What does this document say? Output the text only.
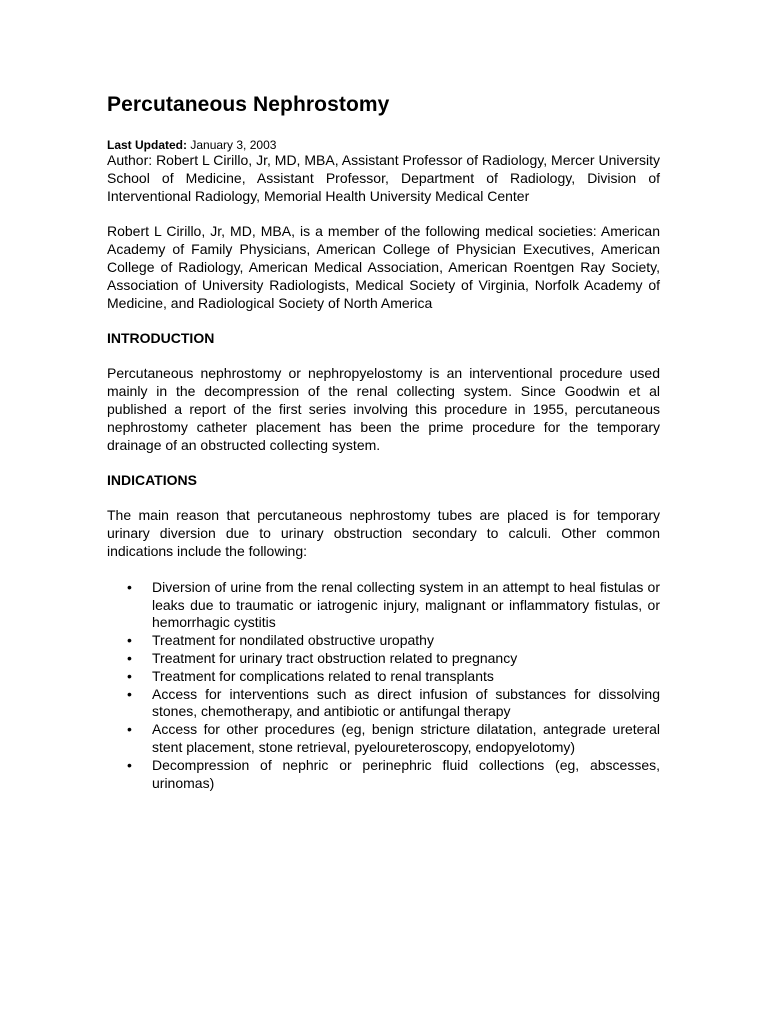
Percutaneous Nephrostomy
Last Updated: January 3, 2003

Author: Robert L Cirillo, Jr, MD, MBA, Assistant Professor of Radiology, Mercer University School of Medicine, Assistant Professor, Department of Radiology, Division of Interventional Radiology, Memorial Health University Medical Center

Robert L Cirillo, Jr, MD, MBA, is a member of the following medical societies: American Academy of Family Physicians, American College of Physician Executives, American College of Radiology, American Medical Association, American Roentgen Ray Society, Association of University Radiologists, Medical Society of Virginia, Norfolk Academy of Medicine, and Radiological Society of North America

INTRODUCTION

Percutaneous nephrostomy or nephropyelostomy is an interventional procedure used mainly in the decompression of the renal collecting system. Since Goodwin et al published a report of the first series involving this procedure in 1955, percutaneous nephrostomy catheter placement has been the prime procedure for the temporary drainage of an obstructed collecting system.

INDICATIONS

The main reason that percutaneous nephrostomy tubes are placed is for temporary urinary diversion due to urinary obstruction secondary to calculi. Other common indications include the following:

• Diversion of urine from the renal collecting system in an attempt to heal fistulas or leaks due to traumatic or iatrogenic injury, malignant or inflammatory fistulas, or hemorrhagic cystitis
• Treatment for nondilated obstructive uropathy
• Treatment for urinary tract obstruction related to pregnancy
• Treatment for complications related to renal transplants
• Access for interventions such as direct infusion of substances for dissolving stones, chemotherapy, and antibiotic or antifungal therapy
• Access for other procedures (eg, benign stricture dilatation, antegrade ureteral stent placement, stone retrieval, pyeloureteroscopy, endopyelotomy)
• Decompression of nephric or perinephric fluid collections (eg, abscesses, urinomas)
